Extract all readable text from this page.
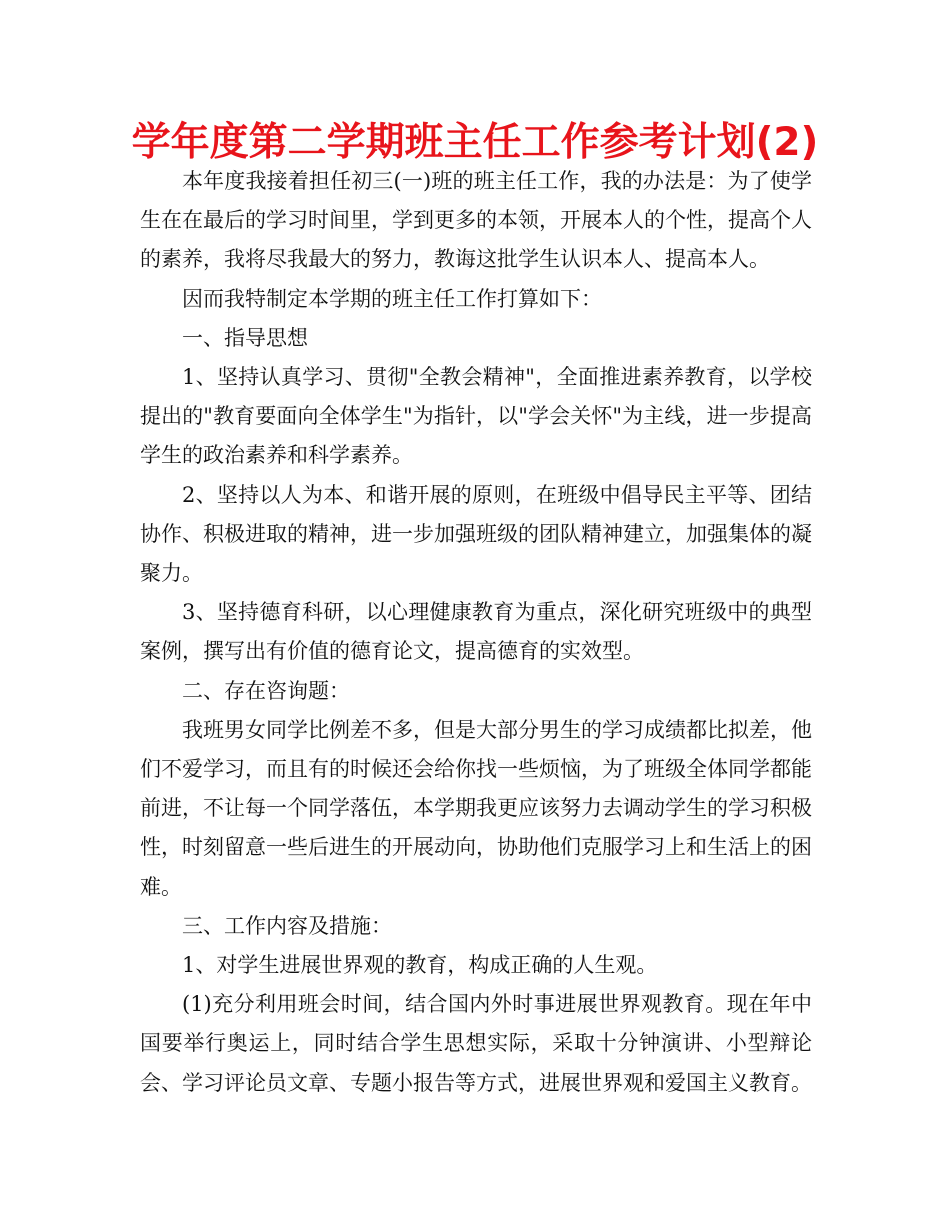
学年度第二学期班主任工作参考计划(2)

本年度我接着担任初三(一)班的班主任工作，我的办法是：为了使学生在在最后的学习时间里，学到更多的本领，开展本人的个性，提高个人的素养，我将尽我最大的努力，教诲这批学生认识本人、提高本人。

因而我特制定本学期的班主任工作打算如下：

一、指导思想

1、坚持认真学习、贯彻"全教会精神"，全面推进素养教育，以学校提出的"教育要面向全体学生"为指针，以"学会关怀"为主线，进一步提高学生的政治素养和科学素养。

2、坚持以人为本、和谐开展的原则，在班级中倡导民主平等、团结协作、积极进取的精神，进一步加强班级的团队精神建立，加强集体的凝聚力。

3、坚持德育科研，以心理健康教育为重点，深化研究班级中的典型案例，撰写出有价值的德育论文，提高德育的实效型。

二、存在咨询题：

我班男女同学比例差不多，但是大部分男生的学习成绩都比拟差，他们不爱学习，而且有的时候还会给你找一些烦恼，为了班级全体同学都能前进，不让每一个同学落伍，本学期我更应该努力去调动学生的学习积极性，时刻留意一些后进生的开展动向，协助他们克服学习上和生活上的困难。

三、工作内容及措施：

1、对学生进展世界观的教育，构成正确的人生观。

(1)充分利用班会时间，结合国内外时事进展世界观教育。现在年中国要举行奥运上，同时结合学生思想实际，采取十分钟演讲、小型辩论会、学习评论员文章、专题小报告等方式，进展世界观和爱国主义教育。
